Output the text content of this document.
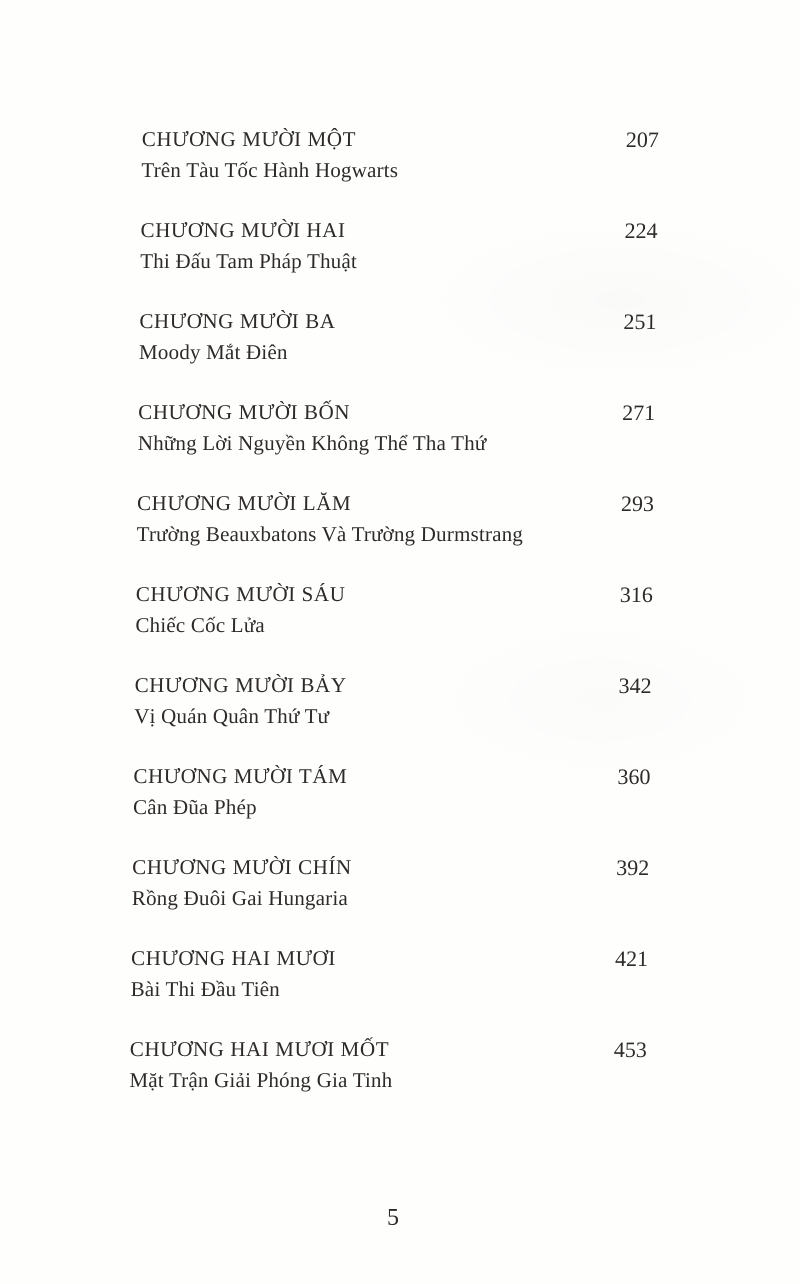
CHƯƠNG MƯỜI MỘT
Trên Tàu Tốc Hành Hogwarts
207
CHƯƠNG MƯỜI HAI
Thi Đấu Tam Pháp Thuật
224
CHƯƠNG MƯỜI BA
Moody Mắt Điên
251
CHƯƠNG MƯỜI BỐN
Những Lời Nguyền Không Thể Tha Thứ
271
CHƯƠNG MƯỜI LĂM
Trường Beauxbatons Và Trường Durmstrang
293
CHƯƠNG MƯỜI SÁU
Chiếc Cốc Lửa
316
CHƯƠNG MƯỜI BẢY
Vị Quán Quân Thứ Tư
342
CHƯƠNG MƯỜI TÁM
Cân Đũa Phép
360
CHƯƠNG MƯỜI CHÍN
Rồng Đuôi Gai Hungaria
392
CHƯƠNG HAI MƯƠI
Bài Thi Đầu Tiên
421
CHƯƠNG HAI MƯƠI MỐT
Mặt Trận Giải Phóng Gia Tinh
453
5
